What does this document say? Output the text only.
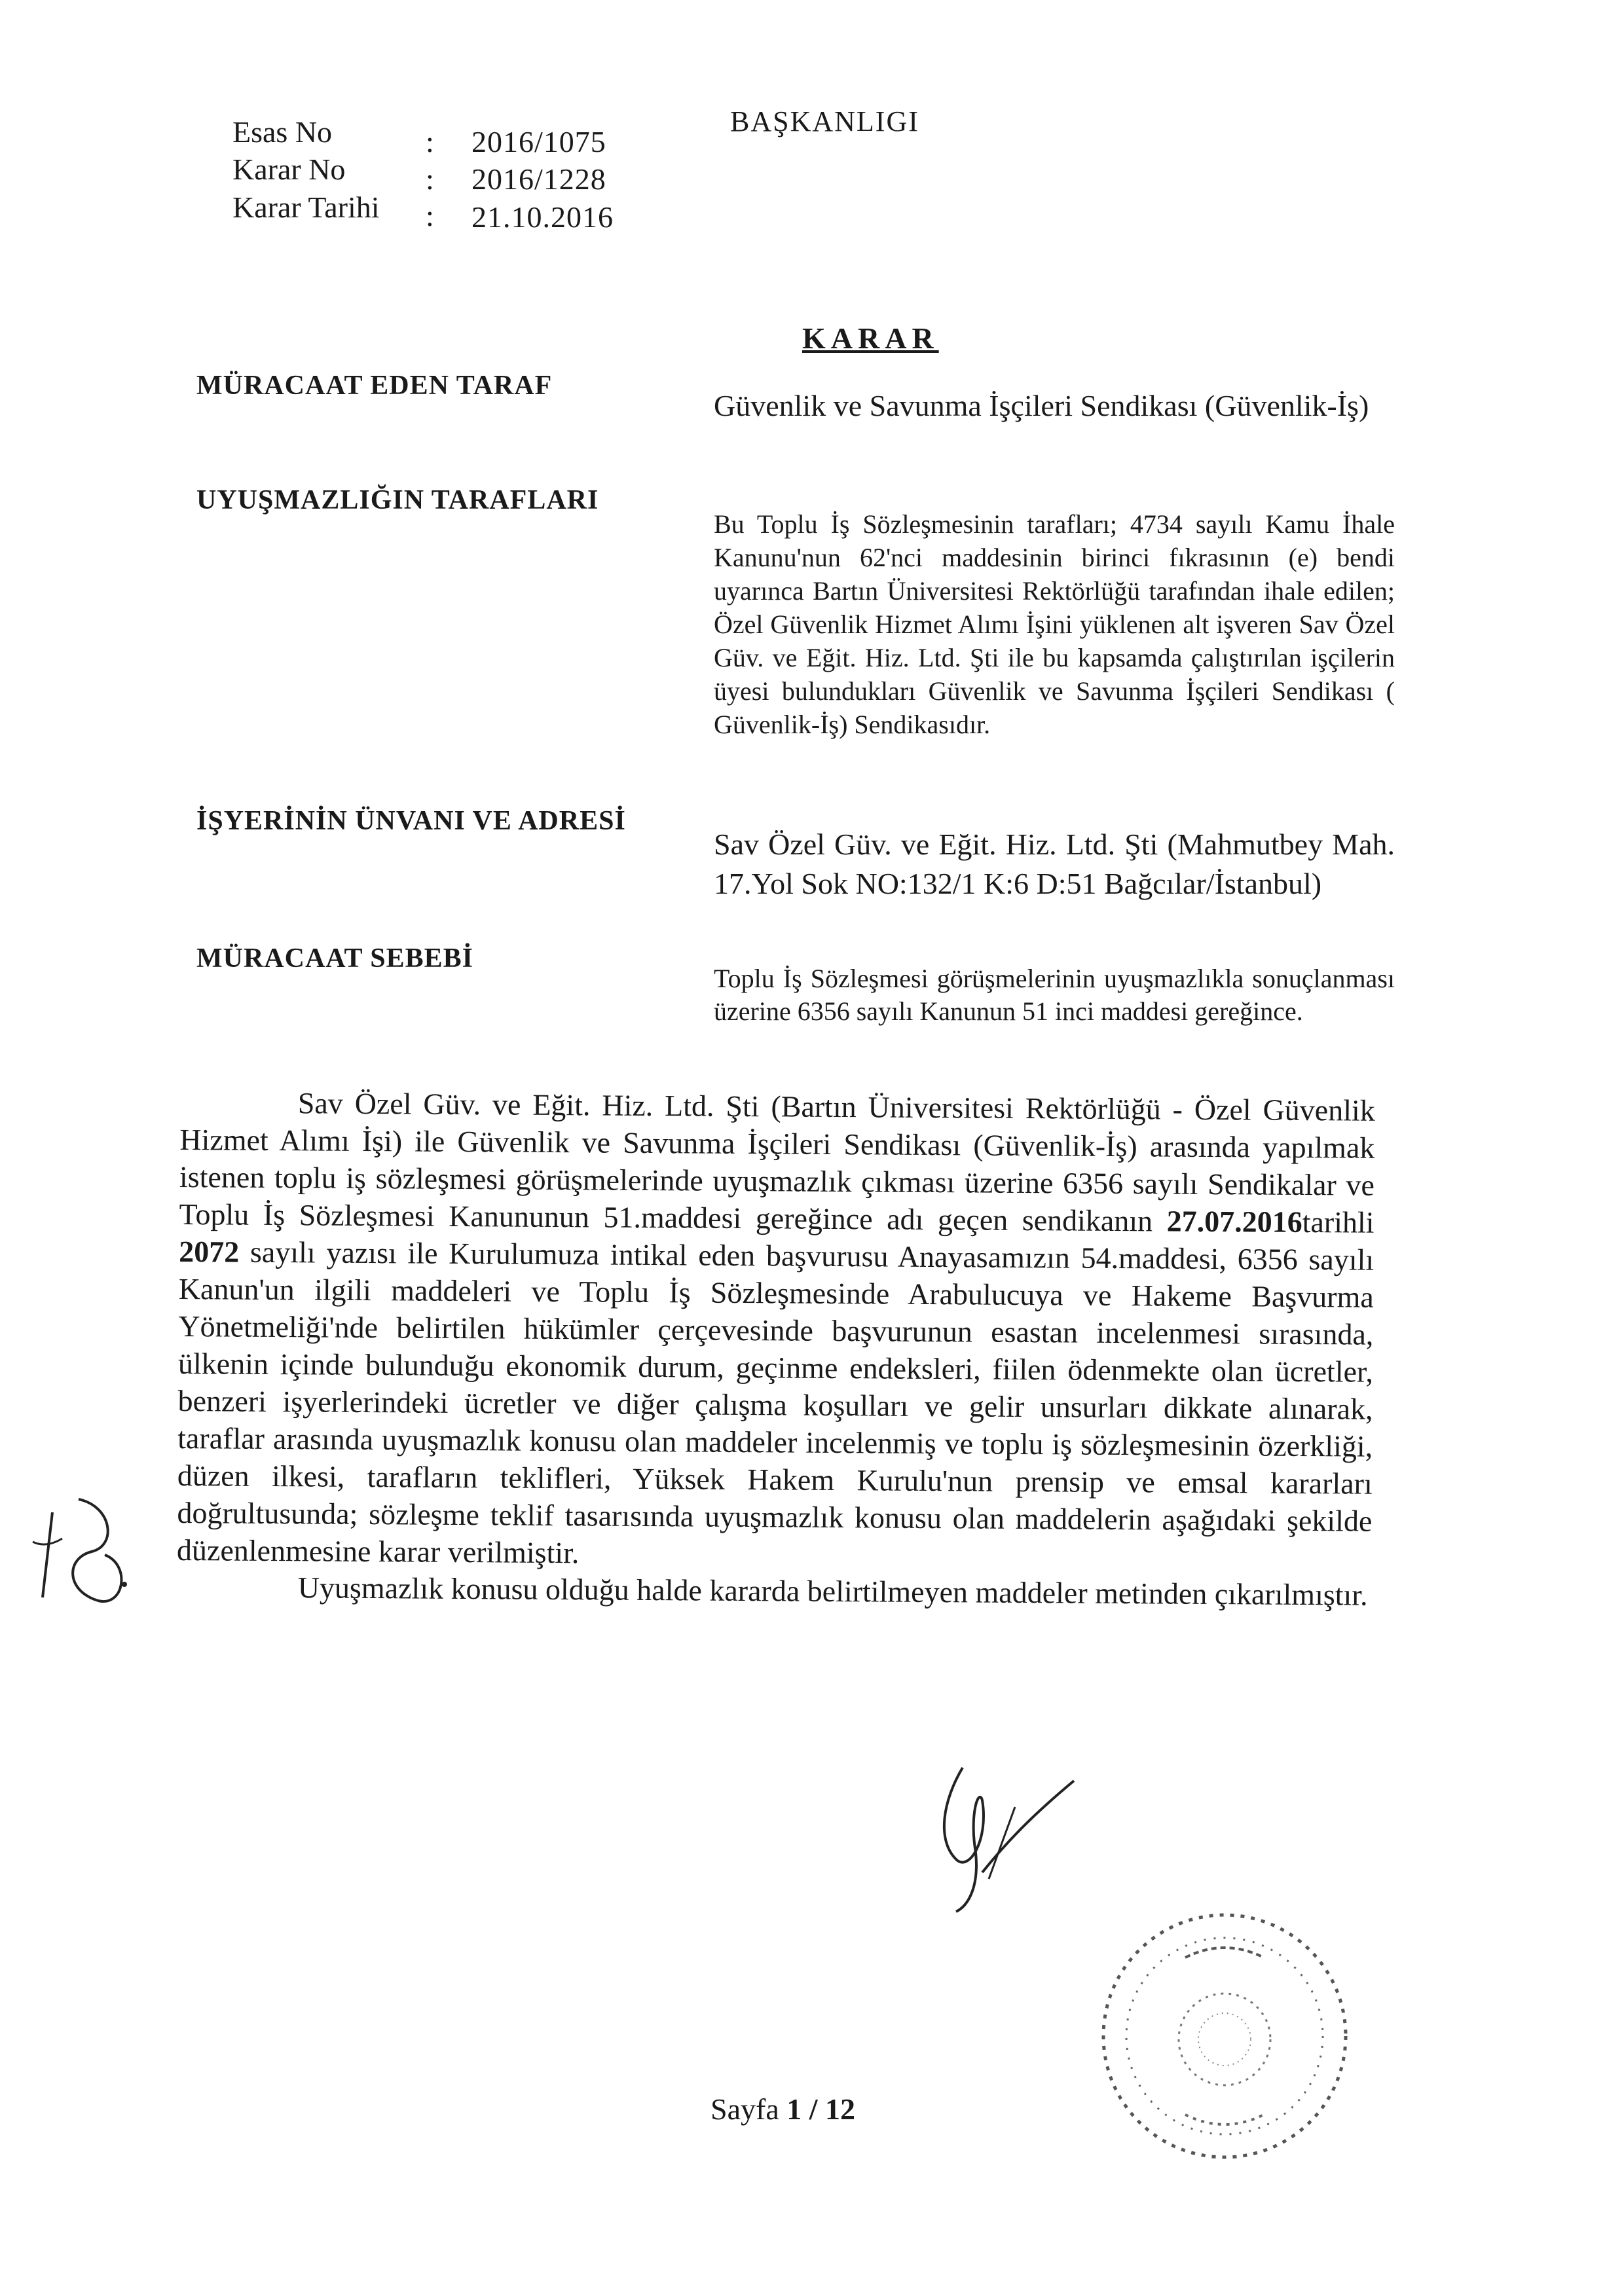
Esas No	: 2016/1075
Karar No	: 2016/1228
Karar Tarihi : 21.10.2016
BAŞKANLIGI
KARAR
MÜRACAAT EDEN TARAF
Güvenlik ve Savunma İşçileri Sendikası (Güvenlik-İş)
UYUŞMAZLIĞIN TARAFLARI
Bu Toplu İş Sözleşmesinin tarafları; 4734 sayılı Kamu İhale Kanunu'nun 62'nci maddesinin birinci fıkrasının (e) bendi uyarınca Bartın Üniversitesi Rektörlüğü tarafından ihale edilen; Özel Güvenlik Hizmet Alımı İşini yüklenen alt işveren Sav Özel Güv. ve Eğit. Hiz. Ltd. Şti ile bu kapsamda çalıştırılan işçilerin üyesi bulundukları Güvenlik ve Savunma İşçileri Sendikası ( Güvenlik-İş) Sendikasıdır.
İŞYERİNİN ÜNVANI VE ADRESİ
Sav Özel Güv. ve Eğit. Hiz. Ltd. Şti (Mahmutbey Mah. 17.Yol Sok NO:132/1 K:6 D:51 Bağcılar/İstanbul)
MÜRACAAT SEBEBİ
Toplu İş Sözleşmesi görüşmelerinin uyuşmazlıkla sonuçlanması üzerine 6356 sayılı Kanunun 51 inci maddesi gereğince.
Sav Özel Güv. ve Eğit. Hiz. Ltd. Şti (Bartın Üniversitesi Rektörlüğü - Özel Güvenlik Hizmet Alımı İşi) ile Güvenlik ve Savunma İşçileri Sendikası (Güvenlik-İş) arasında yapılmak istenen toplu iş sözleşmesi görüşmelerinde uyuşmazlık çıkması üzerine 6356 sayılı Sendikalar ve Toplu İş Sözleşmesi Kanununun 51.maddesi gereğince adı geçen sendikanın 27.07.2016tarihli 2072 sayılı yazısı ile Kurulumuza intikal eden başvurusu Anayasamızın 54.maddesi, 6356 sayılı Kanun'un ilgili maddeleri ve Toplu İş Sözleşmesinde Arabulucuya ve Hakeme Başvurma Yönetmeliği'nde belirtilen hükümler çerçevesinde başvurunun esastan incelenmesi sırasında, ülkenin içinde bulunduğu ekonomik durum, geçinme endeksleri, fiilen ödenmekte olan ücretler, benzeri işyerlerindeki ücretler ve diğer çalışma koşulları ve gelir unsurları dikkate alınarak, taraflar arasında uyuşmazlık konusu olan maddeler incelenmiş ve toplu iş sözleşmesinin özerkliği, düzen ilkesi, tarafların teklifleri, Yüksek Hakem Kurulu'nun prensip ve emsal kararları doğrultusunda; sözleşme teklif tasarısında uyuşmazlık konusu olan maddelerin aşağıdaki şekilde düzenlenmesine karar verilmiştir.
Uyuşmazlık konusu olduğu halde kararda belirtilmeyen maddeler metinden çıkarılmıştır.
Sayfa 1 / 12
